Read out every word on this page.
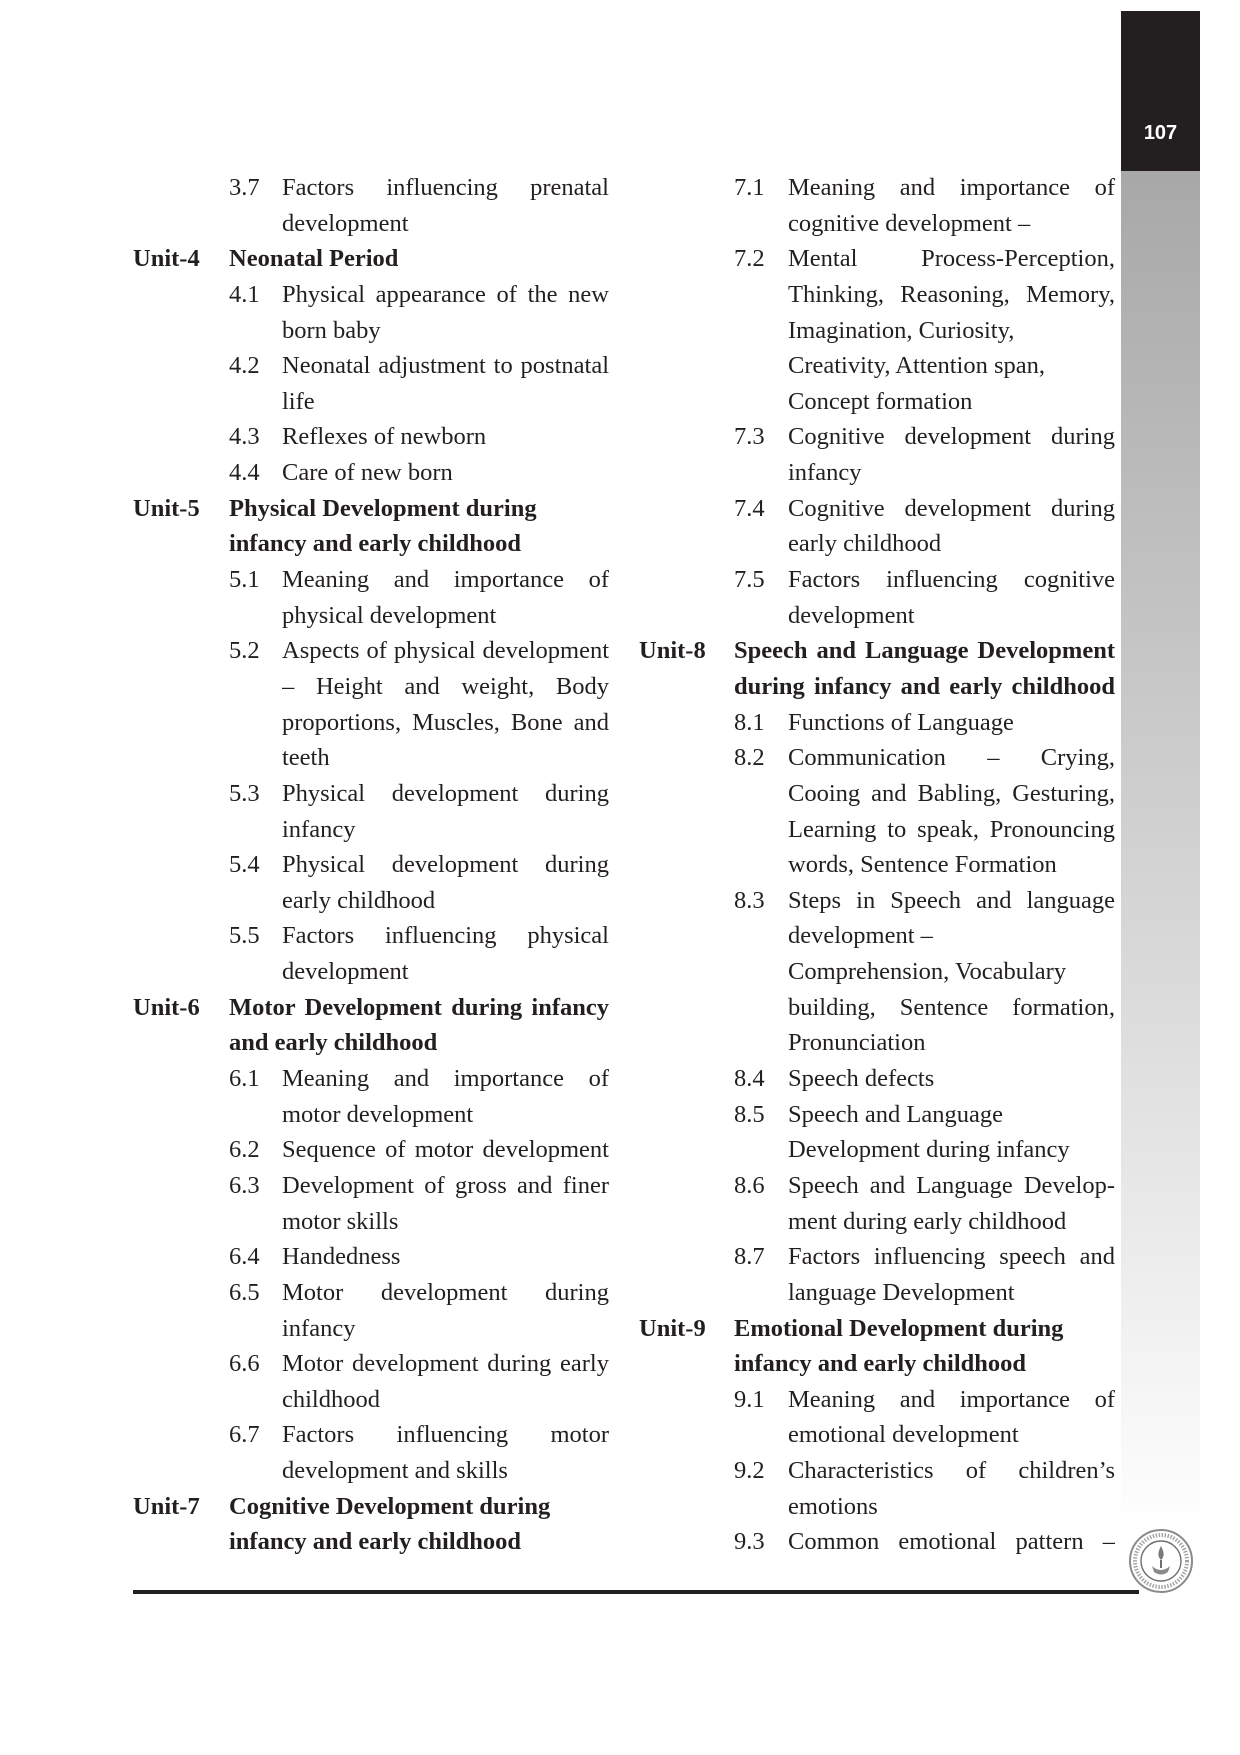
107
3.7 Factors influencing prenatal
development
Unit-4 Neonatal Period
4.1 Physical appearance of the new
born baby
4.2 Neonatal adjustment to postnatal
life
4.3 Reflexes of newborn
4.4 Care of new born
Unit-5 Physical Development during
infancy and early childhood
5.1 Meaning and importance of
physical development
5.2 Aspects of physical development
– Height and weight, Body
proportions, Muscles, Bone and
teeth
5.3 Physical development during
infancy
5.4 Physical development during
early childhood
5.5 Factors influencing physical
development
Unit-6 Motor Development during infancy
and early childhood
6.1 Meaning and importance of
motor development
6.2 Sequence of motor development
6.3 Development of gross and finer
motor skills
6.4 Handedness
6.5 Motor development during
infancy
6.6 Motor development during early
childhood
6.7 Factors influencing motor
development and skills
Unit-7 Cognitive Development during
infancy and early childhood
7.1 Meaning and importance of
cognitive development –
7.2 Mental Process-Perception,
Thinking, Reasoning, Memory,
Imagination, Curiosity,
Creativity, Attention span,
Concept formation
7.3 Cognitive development during
infancy
7.4 Cognitive development during
early childhood
7.5 Factors influencing cognitive
development
Unit-8 Speech and Language Development
during infancy and early childhood
8.1 Functions of Language
8.2 Communication – Crying,
Cooing and Babling, Gesturing,
Learning to speak, Pronouncing
words, Sentence Formation
8.3 Steps in Speech and language
development –
Comprehension, Vocabulary
building, Sentence formation,
Pronunciation
8.4 Speech defects
8.5 Speech and Language
Development during infancy
8.6 Speech and Language Develop-
ment during early childhood
8.7 Factors influencing speech and
language Development
Unit-9 Emotional Development during
infancy and early childhood
9.1 Meaning and importance of
emotional development
9.2 Characteristics of children’s
emotions
9.3 Common emotional pattern –
